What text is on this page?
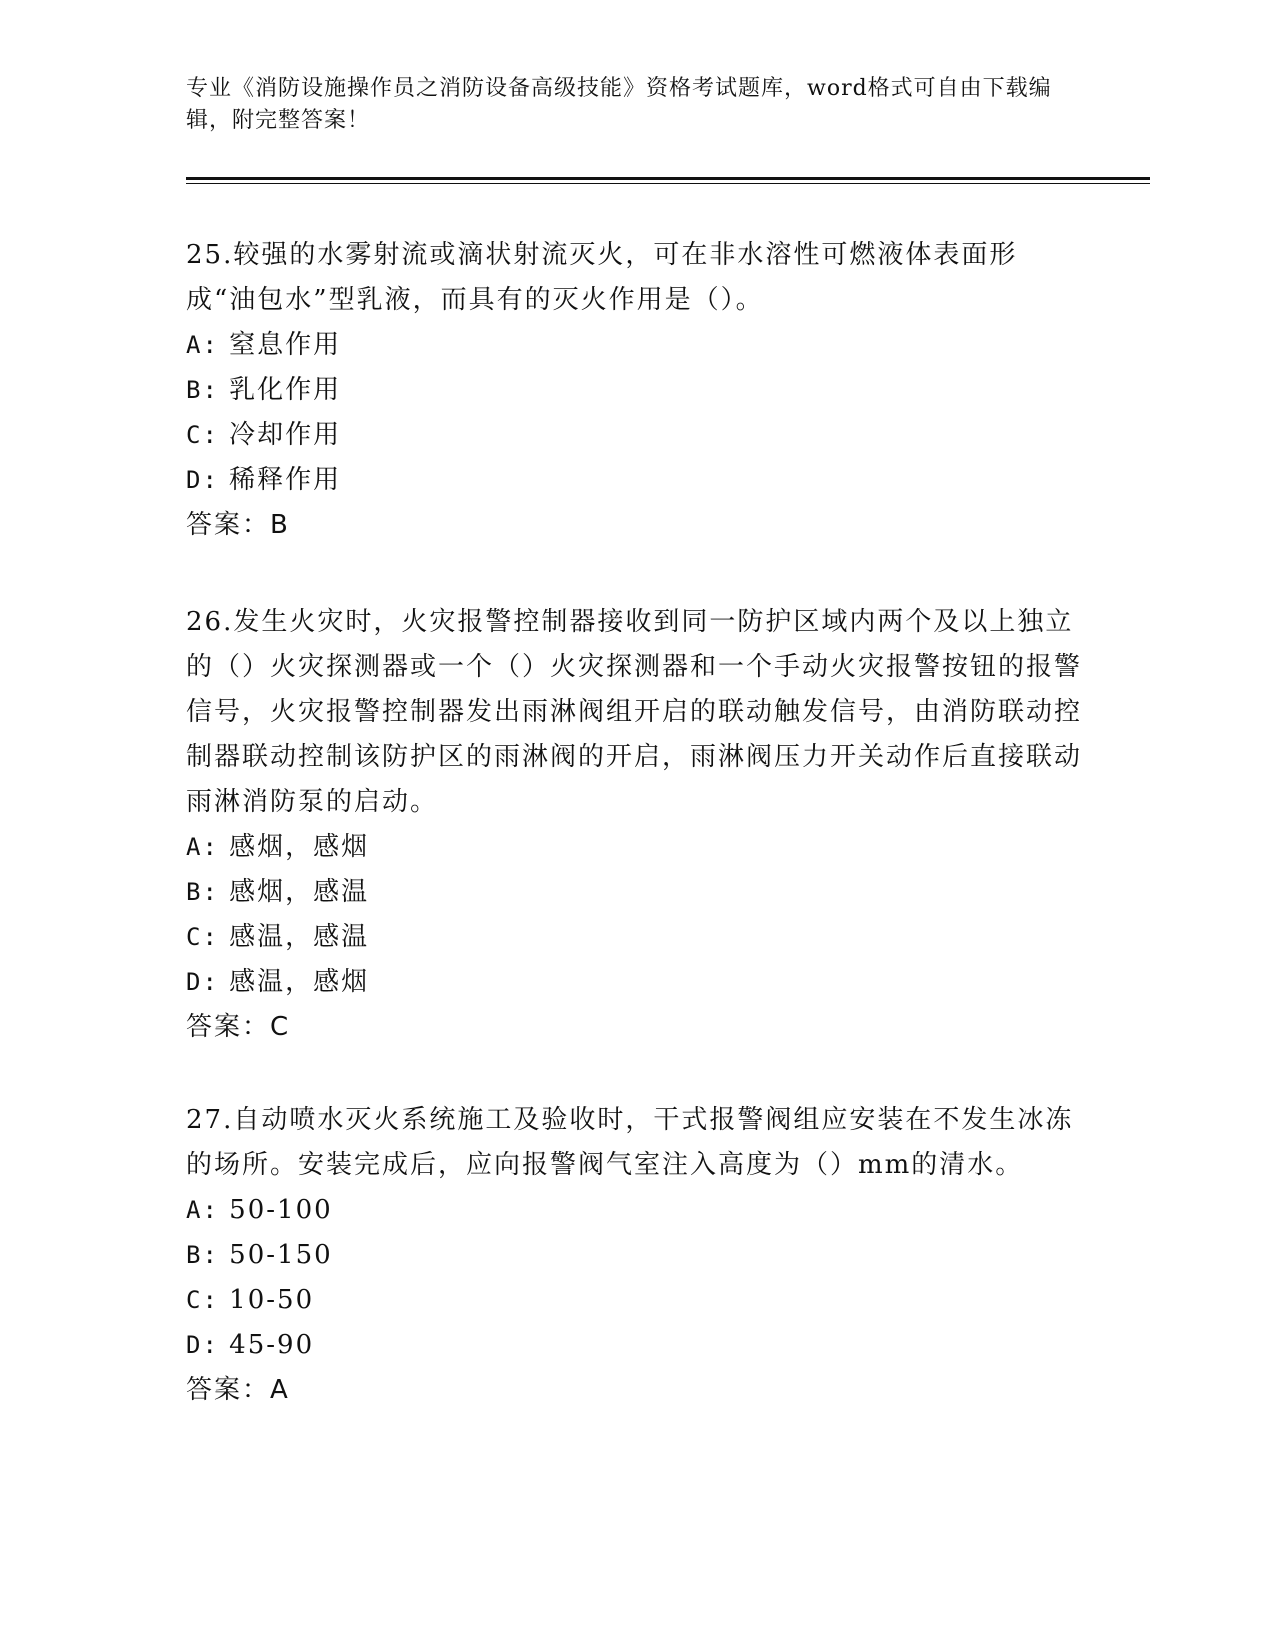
专业《消防设施操作员之消防设备高级技能》资格考试题库，word格式可自由下载编辑，附完整答案！

25.较强的水雾射流或滴状射流灭火，可在非水溶性可燃液体表面形成“油包水”型乳液，而具有的灭火作用是（）。

A: 窒息作用

B: 乳化作用

C: 冷却作用

D: 稀释作用

答案：B

26.发生火灾时，火灾报警控制器接收到同一防护区域内两个及以上独立的（）火灾探测器或一个（）火灾探测器和一个手动火灾报警按钮的报警信号，火灾报警控制器发出雨淋阀组开启的联动触发信号，由消防联动控制器联动控制该防护区的雨淋阀的开启，雨淋阀压力开关动作后直接联动雨淋消防泵的启动。

A: 感烟，感烟

B: 感烟，感温

C: 感温，感温

D: 感温，感烟

答案：C

27.自动喷水灭火系统施工及验收时，干式报警阀组应安装在不发生冰冻的场所。安装完成后，应向报警阀气室注入高度为（）mm的清水。

A: 50-100

B: 50-150

C: 10-50

D: 45-90

答案：A
